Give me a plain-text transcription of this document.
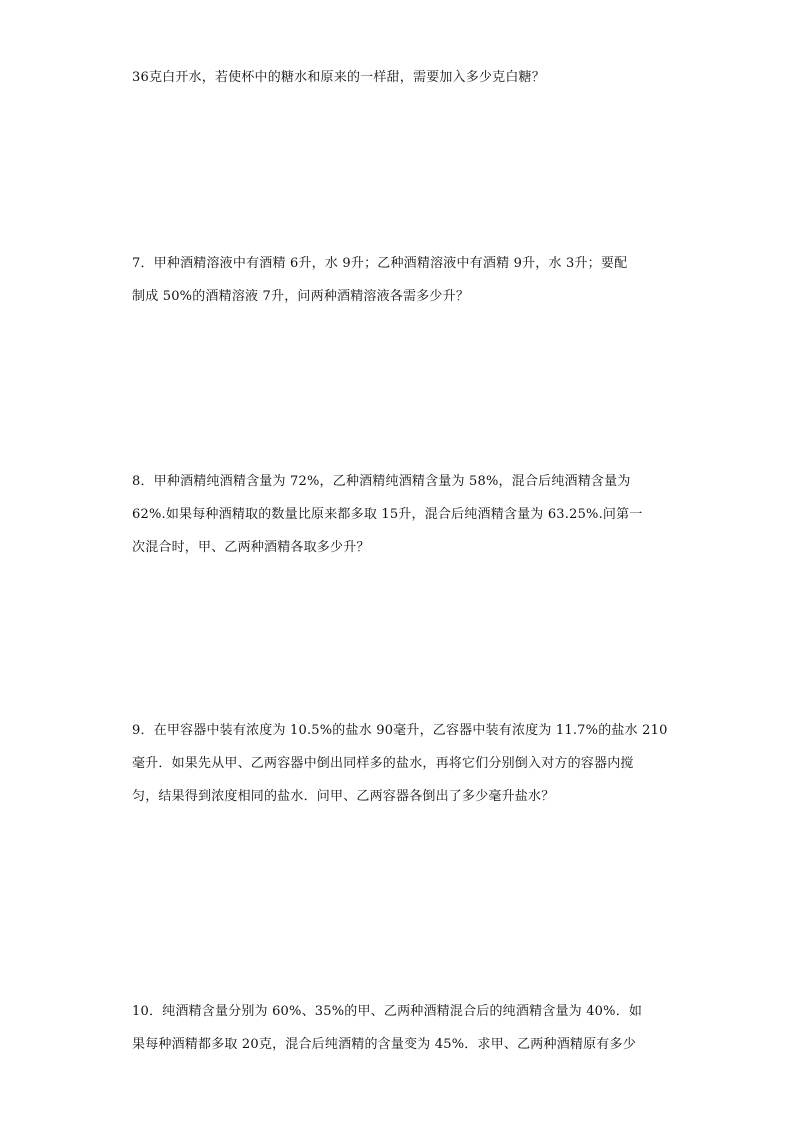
36克白开水，若使杯中的糖水和原来的一样甜，需要加入多少克白糖？
7．甲种酒精溶液中有酒精 6升，水 9升；乙种酒精溶液中有酒精 9升，水 3升；要配
制成 50%的酒精溶液 7升，问两种酒精溶液各需多少升？
8．甲种酒精纯酒精含量为 72%，乙种酒精纯酒精含量为 58%，混合后纯酒精含量为
62%.如果每种酒精取的数量比原来都多取 15升，混合后纯酒精含量为 63.25%.问第一
次混合时，甲、乙两种酒精各取多少升？
9．在甲容器中装有浓度为 10.5%的盐水 90毫升，乙容器中装有浓度为 11.7%的盐水 210
毫升．如果先从甲、乙两容器中倒出同样多的盐水，再将它们分别倒入对方的容器内搅
匀，结果得到浓度相同的盐水．问甲、乙两容器各倒出了多少毫升盐水？
10．纯酒精含量分别为 60%、35%的甲、乙两种酒精混合后的纯酒精含量为 40%．如
果每种酒精都多取 20克，混合后纯酒精的含量变为 45%．求甲、乙两种酒精原有多少
